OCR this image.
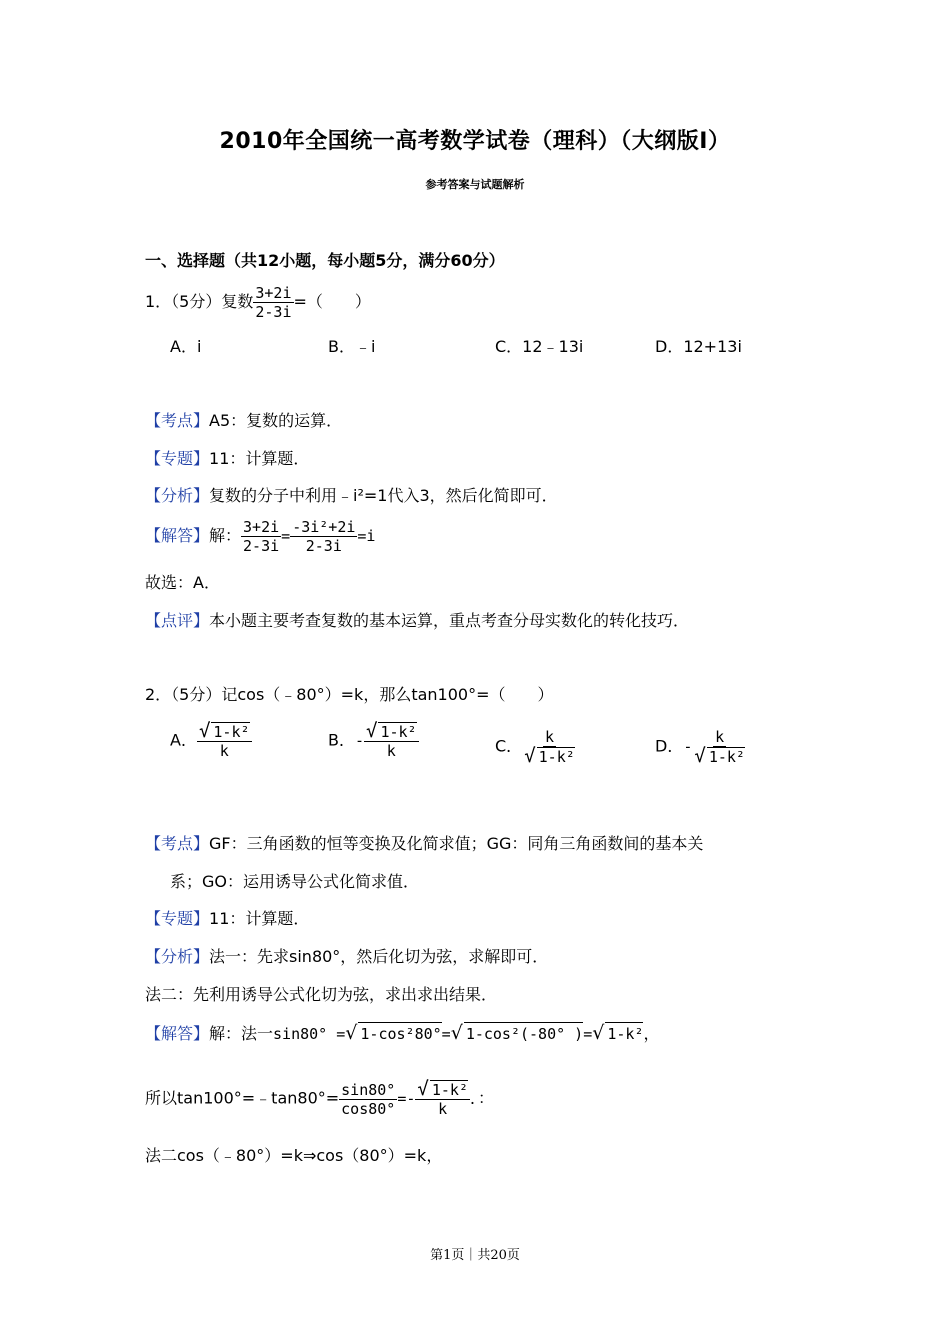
2010年全国统一高考数学试卷（理科）（大纲版Ⅰ）
参考答案与试题解析
一、选择题（共12小题，每小题5分，满分60分）
1．（5分）复数 $\frac{3+2i}{2-3i}$ =（　　）
A．i	B．﹣i	C．12﹣13i	D．12+13i
【考点】A5：复数的运算．
【专题】11：计算题．
【分析】复数的分子中利用﹣i²=1代入3，然后化简即可．
【解答】解： $\frac{3+2i}{2-3i} = \frac{\text{-3i²+2i}}{2-3i} =i$
故选：A．
【点评】本小题主要考查复数的基本运算，重点考查分母实数化的转化技巧．
2．（5分）记cos（﹣80°）=k，那么tan100°=（　　）
A． $\frac{\text{√ 1-k²}}{k}$	B．- $\frac{\text{√ 1-k²}}{k}$	C． $\frac{k}{\text{√ 1-k²}}$	D．- $\frac{k}{\text{√ 1-k²}}$
【考点】GF：三角函数的恒等变换及化简求值；GG：同角三角函数间的基本关
系；GO：运用诱导公式化简求值．
【专题】11：计算题．
【分析】法一：先求sin80°，然后化切为弦，求解即可．
法二：先利用诱导公式化切为弦，求出求出结果．
【解答】解：法一sin80° =√ 1-cos²80°=√ 1-cos²(-80° )=√ 1-k²，
所以tan100°=﹣tan80°= $\frac{\sin 80^\circ}{\cos 80^\circ} =- \frac{\text{√ 1-k²}}{k}$ ．：
法二cos（﹣80°）=k⇒cos（80°）=k，
第1页｜共20页
